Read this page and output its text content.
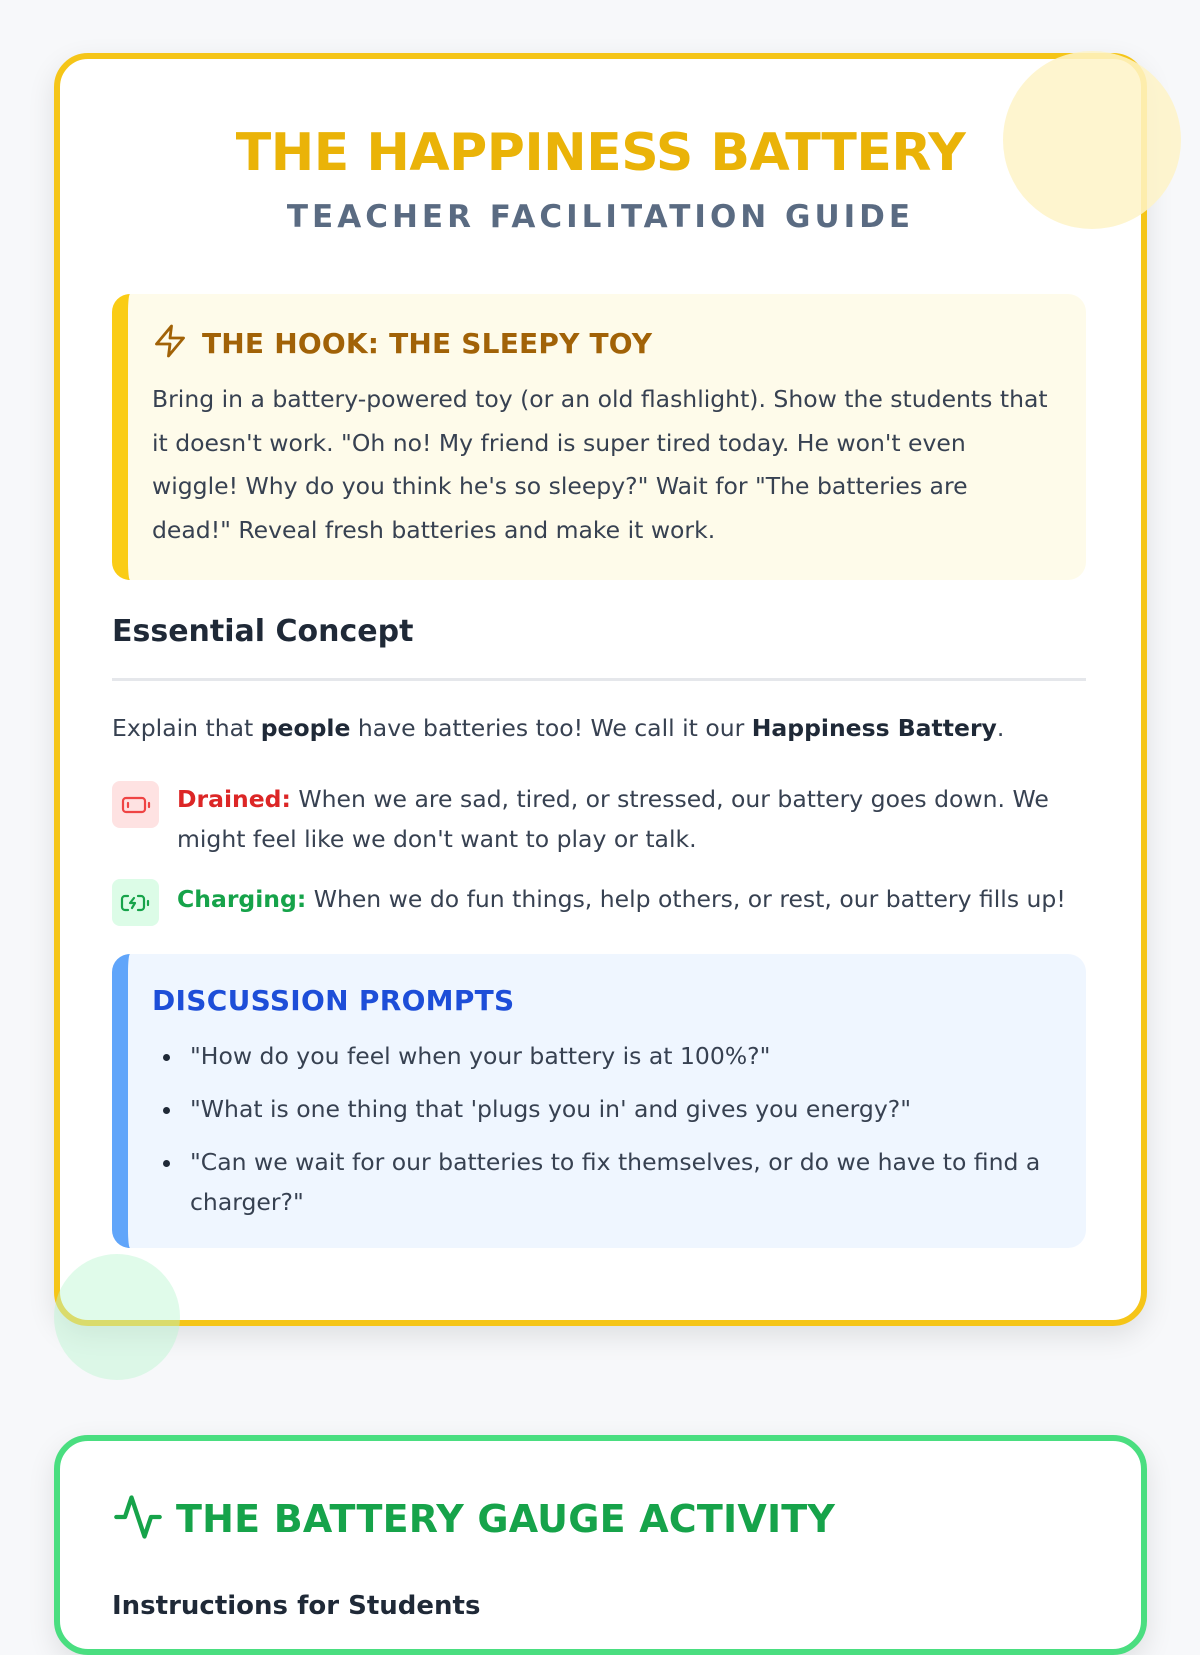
THE HAPPINESS BATTERY
TEACHER FACILITATION GUIDE
THE HOOK: THE SLEEPY TOY

Bring in a battery-powered toy (or an old flashlight). Show the students that it doesn't work. "Oh no! My friend is super tired today. He won't even wiggle! Why do you think he's so sleepy?" Wait for "The batteries are dead!" Reveal fresh batteries and make it work.

Essential Concept

Explain that people have batteries too! We call it our Happiness Battery.

Drained: When we are sad, tired, or stressed, our battery goes down. We might feel like we don't want to play or talk.
Charging: When we do fun things, help others, or rest, our battery fills up!
DISCUSSION PROMPTS
• "How do you feel when your battery is at 100%?"
• "What is one thing that 'plugs you in' and gives you energy?"
• "Can we wait for our batteries to fix themselves, or do we have to find a charger?"
THE BATTERY GAUGE ACTIVITY
Instructions for Students
